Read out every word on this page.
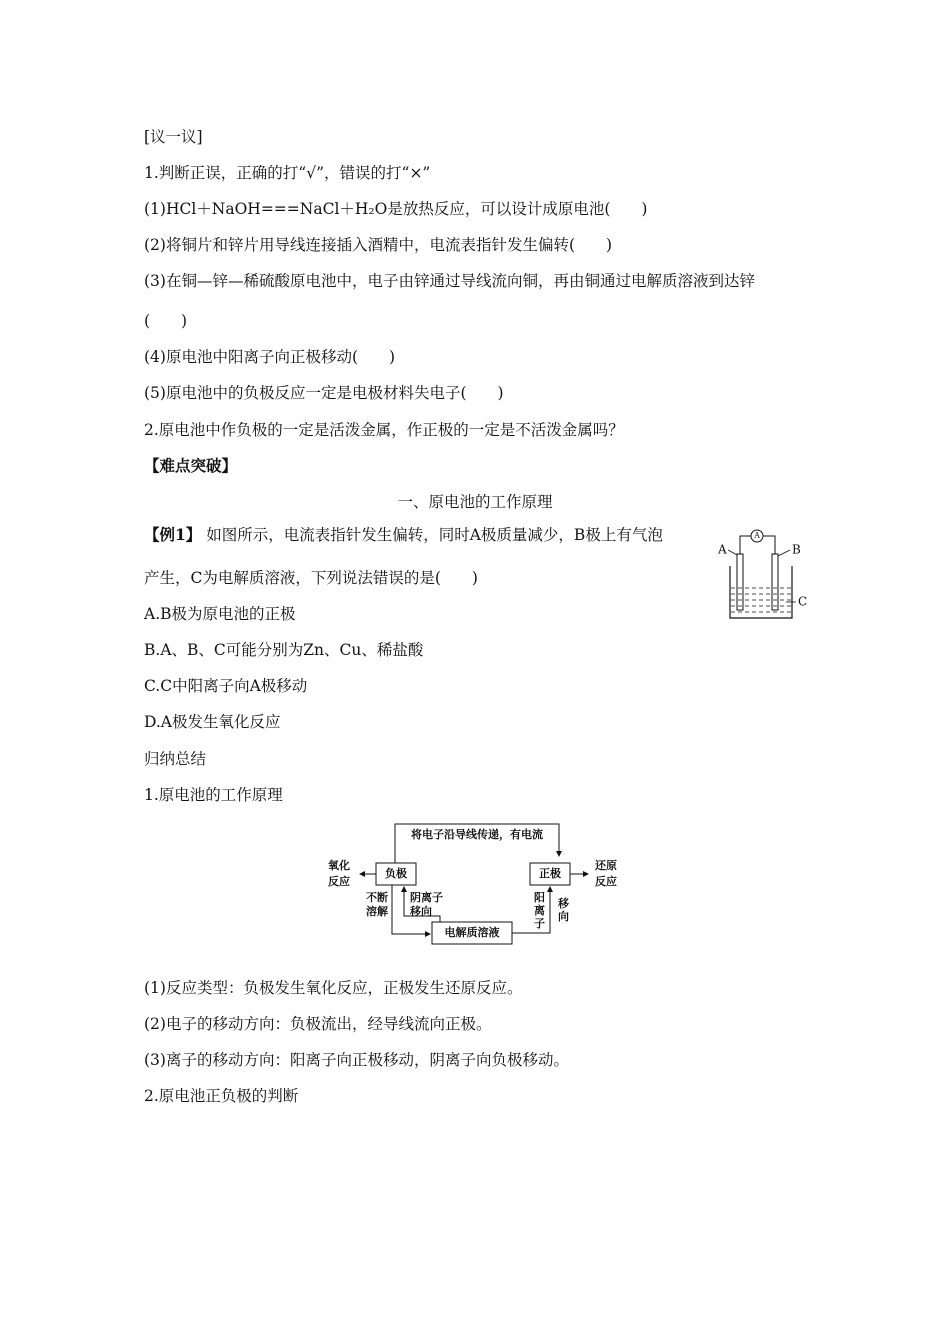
[议一议]
1.判断正误，正确的打“√”，错误的打“×”
(1)HCl＋NaOH===NaCl＋H₂O是放热反应，可以设计成原电池(　　)
(2)将铜片和锌片用导线连接插入酒精中，电流表指针发生偏转(　　)
(3)在铜—锌—稀硫酸原电池中，电子由锌通过导线流向铜，再由铜通过电解质溶液到达锌
(　　)
(4)原电池中阳离子向正极移动(　　)
(5)原电池中的负极反应一定是电极材料失电子(　　)
2.原电池中作负极的一定是活泼金属，作正极的一定是不活泼金属吗？
【难点突破】
一、原电池的工作原理
【例1】 如图所示，电流表指针发生偏转，同时A极质量减少，B极上有气泡
产生，C为电解质溶液，下列说法错误的是(　　)
A.B极为原电池的正极
B.A、B、C可能分别为Zn、Cu、稀盐酸
C.C中阳离子向A极移动
D.A极发生氧化反应
A	B
C
A
归纳总结
1.原电池的工作原理
将电子沿导线传递，有电流
负极	正极
电解质溶液
氧化
反应
还原
反应
不断
溶解
阴离子
移向
阳
离
子
移
向
(1)反应类型：负极发生氧化反应，正极发生还原反应。
(2)电子的移动方向：负极流出，经导线流向正极。
(3)离子的移动方向：阳离子向正极移动，阴离子向负极移动。
2.原电池正负极的判断
